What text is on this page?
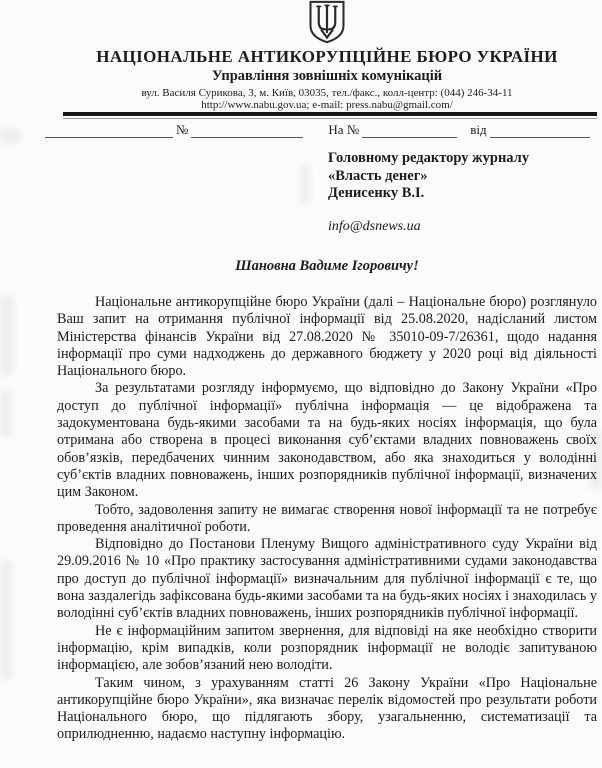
НАЦІОНАЛЬНЕ АНТИКОРУПЦІЙНЕ БЮРО УКРАЇНИ
Управління зовнішніх комунікацій
вул. Василя Сурикова, 3, м. Київ, 03035, тел./факс., колл-центр: (044) 246-34-11
http://www.nabu.gov.ua; e-mail: press.nabu@gmail.com/
№	На №	від
Головному редактору журналу
«Власть денег»
Денисенку В.І.
info@dsnews.ua
Шановна Вадиме Ігоровичу!

Національне антикорупційне бюро України (далі – Національне бюро) розглянуло Ваш запит на отримання публічної інформації від 25.08.2020, надісланий листом Міністерства фінансів України від 27.08.2020 № 35010-09-7/26361, щодо надання інформації про суми надходжень до державного бюджету у 2020 році від діяльності Національного бюро.

За результатами розгляду інформуємо, що відповідно до Закону України «Про доступ до публічної інформації» публічна інформація — це відображена та задокументована будь-якими засобами та на будь-яких носіях інформація, що була отримана або створена в процесі виконання суб’єктами владних повноважень своїх обов’язків, передбачених чинним законодавством, або яка знаходиться у володінні суб’єктів владних повноважень, інших розпорядників публічної інформації, визначених цим Законом.

Тобто, задоволення запиту не вимагає створення нової інформації та не потребує проведення аналітичної роботи.

Відповідно до Постанови Пленуму Вищого адміністративного суду України від 29.09.2016 № 10 «Про практику застосування адміністративними судами законодавства про доступ до публічної інформації» визначальним для публічної інформації є те, що вона заздалегідь зафіксована будь-якими засобами та на будь-яких носіях і знаходилась у володінні суб’єктів владних повноважень, інших розпорядників публічної інформації.

Не є інформаційним запитом звернення, для відповіді на яке необхідно створити інформацію, крім випадків, коли розпорядник інформації не володіє запитуваною інформацією, але зобов’язаний нею володіти.

Таким чином, з урахуванням статті 26 Закону України «Про Національне антикорупційне бюро України», яка визначає перелік відомостей про результати роботи Національного бюро, що підлягають збору, узагальненню, систематизації та оприлюдненню, надаємо наступну інформацію.
